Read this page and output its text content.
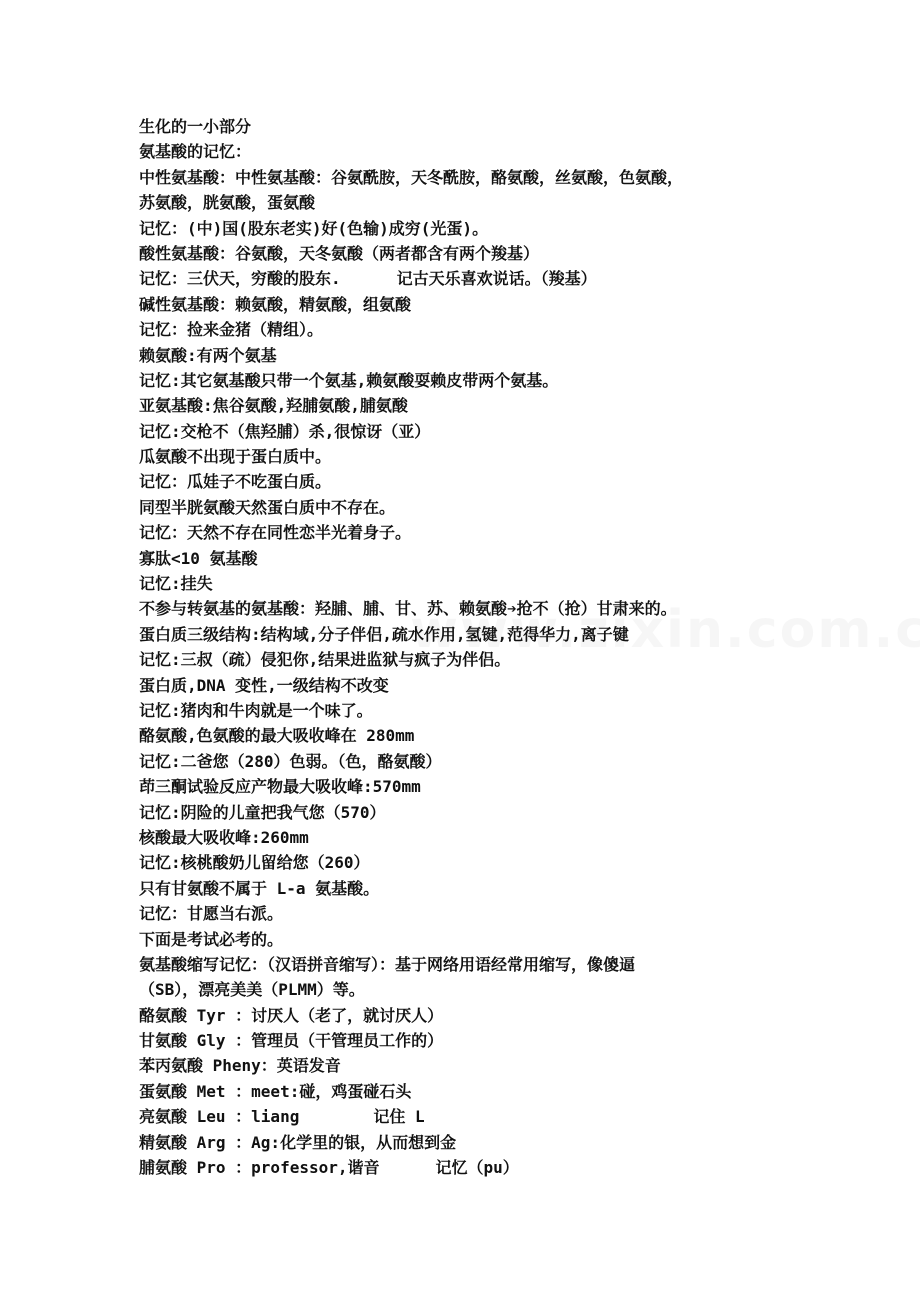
生化的一小部分
氨基酸的记忆：
中性氨基酸：中性氨基酸：谷氨酰胺，天冬酰胺，酪氨酸，丝氨酸，色氨酸，
苏氨酸，胱氨酸，蛋氨酸
记忆：(中)国(股东老实)好(色输)成穷(光蛋)。
酸性氨基酸：谷氨酸，天冬氨酸（两者都含有两个羧基）
记忆：三伏天，穷酸的股东.	记古天乐喜欢说话。（羧基）
碱性氨基酸：赖氨酸，精氨酸，组氨酸
记忆：捡来金猪（精组）。
赖氨酸:有两个氨基
记忆:其它氨基酸只带一个氨基,赖氨酸耍赖皮带两个氨基。
亚氨基酸:焦谷氨酸,羟脯氨酸,脯氨酸
记忆:交枪不（焦羟脯）杀,很惊讶（亚）
瓜氨酸不出现于蛋白质中。
记忆：瓜娃子不吃蛋白质。
同型半胱氨酸天然蛋白质中不存在。
记忆：天然不存在同性恋半光着身子。
寡肽<10 氨基酸
记忆:挂失
不参与转氨基的氨基酸：羟脯、脯、甘、苏、赖氨酸➔抢不（抢）甘肃来的。
蛋白质三级结构:结构域,分子伴侣,疏水作用,氢键,范得华力,离子键
记忆:三叔（疏）侵犯你,结果进监狱与疯子为伴侣。
蛋白质,DNA 变性,一级结构不改变
记忆:猪肉和牛肉就是一个味了。
酪氨酸,色氨酸的最大吸收峰在 280mm
记忆:二爸您（280）色弱。（色，酪氨酸）
茚三酮试验反应产物最大吸收峰:570mm
记忆:阴险的儿童把我气您（570）
核酸最大吸收峰:260mm
记忆:核桃酸奶儿留给您（260）
只有甘氨酸不属于 L-a 氨基酸。
记忆：甘愿当右派。
下面是考试必考的。
氨基酸缩写记忆：（汉语拼音缩写）：基于网络用语经常用缩写，像傻逼
（SB），漂亮美美（PLMM）等。
酪氨酸 Tyr ：讨厌人（老了，就讨厌人）
甘氨酸 Gly ：管理员（干管理员工作的）
苯丙氨酸 Pheny：英语发音
蛋氨酸 Met ：meet:碰，鸡蛋碰石头
亮氨酸 Leu ：liang	记住 L
精氨酸 Arg ：Ag:化学里的银，从而想到金
脯氨酸 Pro ：professor,谐音	记忆（pu）
